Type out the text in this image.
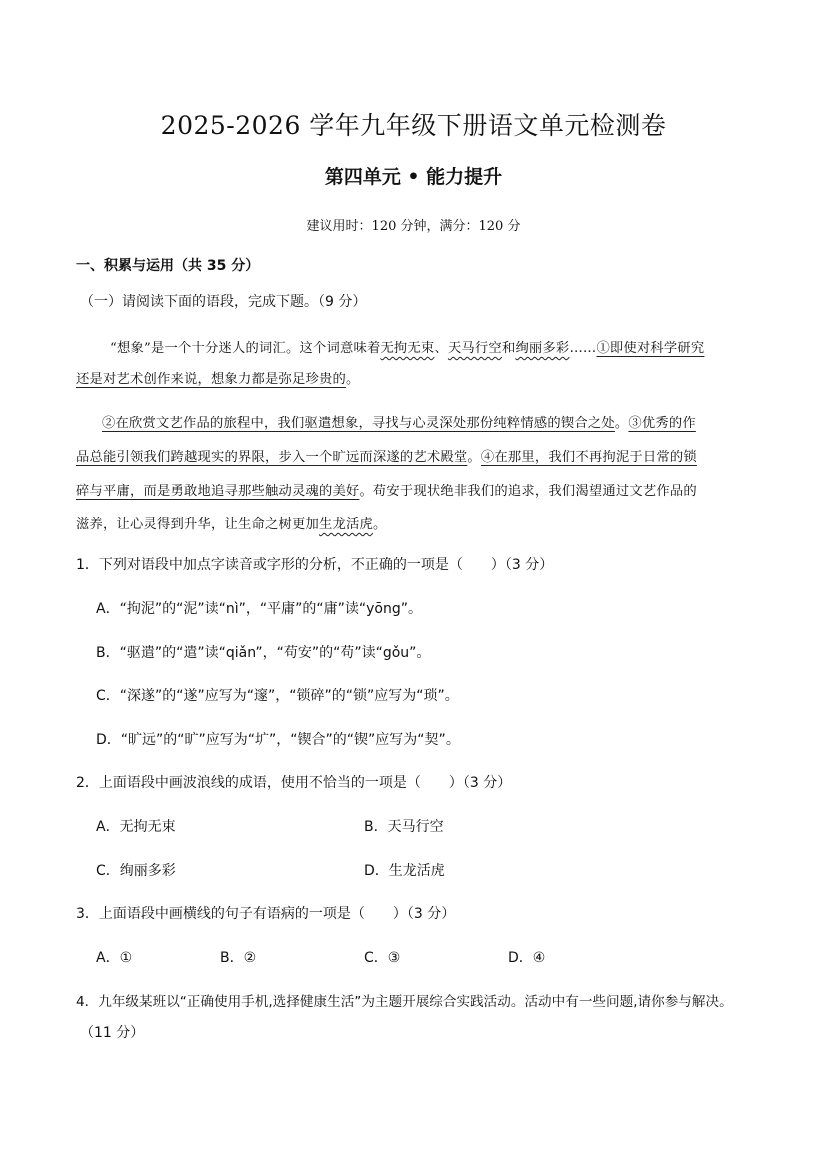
2025-2026 学年九年级下册语文单元检测卷
第四单元 • 能力提升
建议用时：120 分钟，满分：120 分
一、积累与运用（共 35 分）
（一）请阅读下面的语段，完成下题。（9 分）
“想象”是一个十分迷人的词汇。这个词意味着无拘无束、天马行空和绚丽多彩……①即使对科学研究
还是对艺术创作来说，想象力都是弥足珍贵的。
②在欣赏文艺作品的旅程中，我们驱遣想象，寻找与心灵深处那份纯粹情感的锲合之处。③优秀的作
品总能引领我们跨越现实的界限，步入一个旷远而深遂的艺术殿堂。④在那里，我们不再拘泥于日常的锁
碎与平庸，而是勇敢地追寻那些触动灵魂的美好。苟安于现状绝非我们的追求，我们渴望通过文艺作品的
滋养，让心灵得到升华，让生命之树更加生龙活虎。
1．下列对语段中加点字读音或字形的分析，不正确的一项是（　　）（3 分）
A．“拘泥”的“泥”读“nì”，“平庸”的“庸”读“yōng”。
B．“驱遣”的“遣”读“qiǎn”，“苟安”的“苟”读“gǒu”。
C．“深遂”的“遂”应写为“邃”，“锁碎”的“锁”应写为“琐”。
D．“旷远”的“旷”应写为“圹”，“锲合”的“锲”应写为“契”。
2．上面语段中画波浪线的成语，使用不恰当的一项是（　　）（3 分）
A．无拘无束	B．天马行空
C．绚丽多彩	D．生龙活虎
3．上面语段中画横线的句子有语病的一项是（　　）（3 分）
A．①	B．②	C．③	D．④
4．九年级某班以“正确使用手机,选择健康生活”为主题开展综合实践活动。活动中有一些问题,请你参与解决。
（11 分）
